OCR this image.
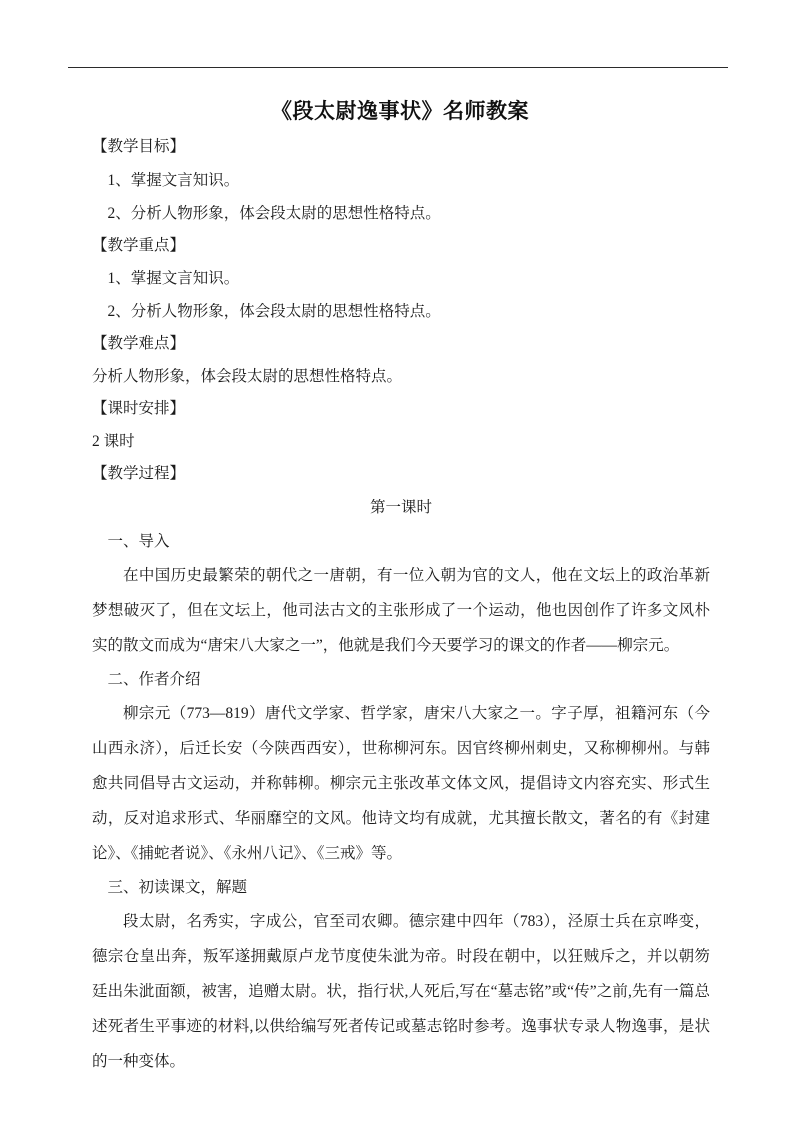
《段太尉逸事状》名师教案

【教学目标】

1、掌握文言知识。

2、分析人物形象，体会段太尉的思想性格特点。

【教学重点】

1、掌握文言知识。

2、分析人物形象，体会段太尉的思想性格特点。

【教学难点】

分析人物形象，体会段太尉的思想性格特点。

【课时安排】

2 课时

【教学过程】

第一课时

一、导入

在中国历史最繁荣的朝代之一唐朝，有一位入朝为官的文人，他在文坛上的政治革新梦想破灭了，但在文坛上，他司法古文的主张形成了一个运动，他也因创作了许多文风朴实的散文而成为“唐宋八大家之一”，他就是我们今天要学习的课文的作者——柳宗元。

二、作者介绍

柳宗元（773—819）唐代文学家、哲学家，唐宋八大家之一。字子厚，祖籍河东（今山西永济），后迁长安（今陕西西安），世称柳河东。因官终柳州刺史，又称柳柳州。与韩愈共同倡导古文运动，并称韩柳。柳宗元主张改革文体文风，提倡诗文内容充实、形式生动，反对追求形式、华丽靡空的文风。他诗文均有成就，尤其擅长散文，著名的有《封建论》、《捕蛇者说》、《永州八记》、《三戒》等。

三、初读课文，解题

段太尉，名秀实，字成公，官至司农卿。德宗建中四年（783），泾原士兵在京哗变，德宗仓皇出奔，叛军遂拥戴原卢龙节度使朱泚为帝。时段在朝中，以狂贼斥之，并以朝笏廷出朱泚面额，被害，追赠太尉。状，指行状,人死后,写在“墓志铭”或“传”之前,先有一篇总述死者生平事迹的材料,以供给编写死者传记或墓志铭时参考。逸事状专录人物逸事，是状的一种变体。
